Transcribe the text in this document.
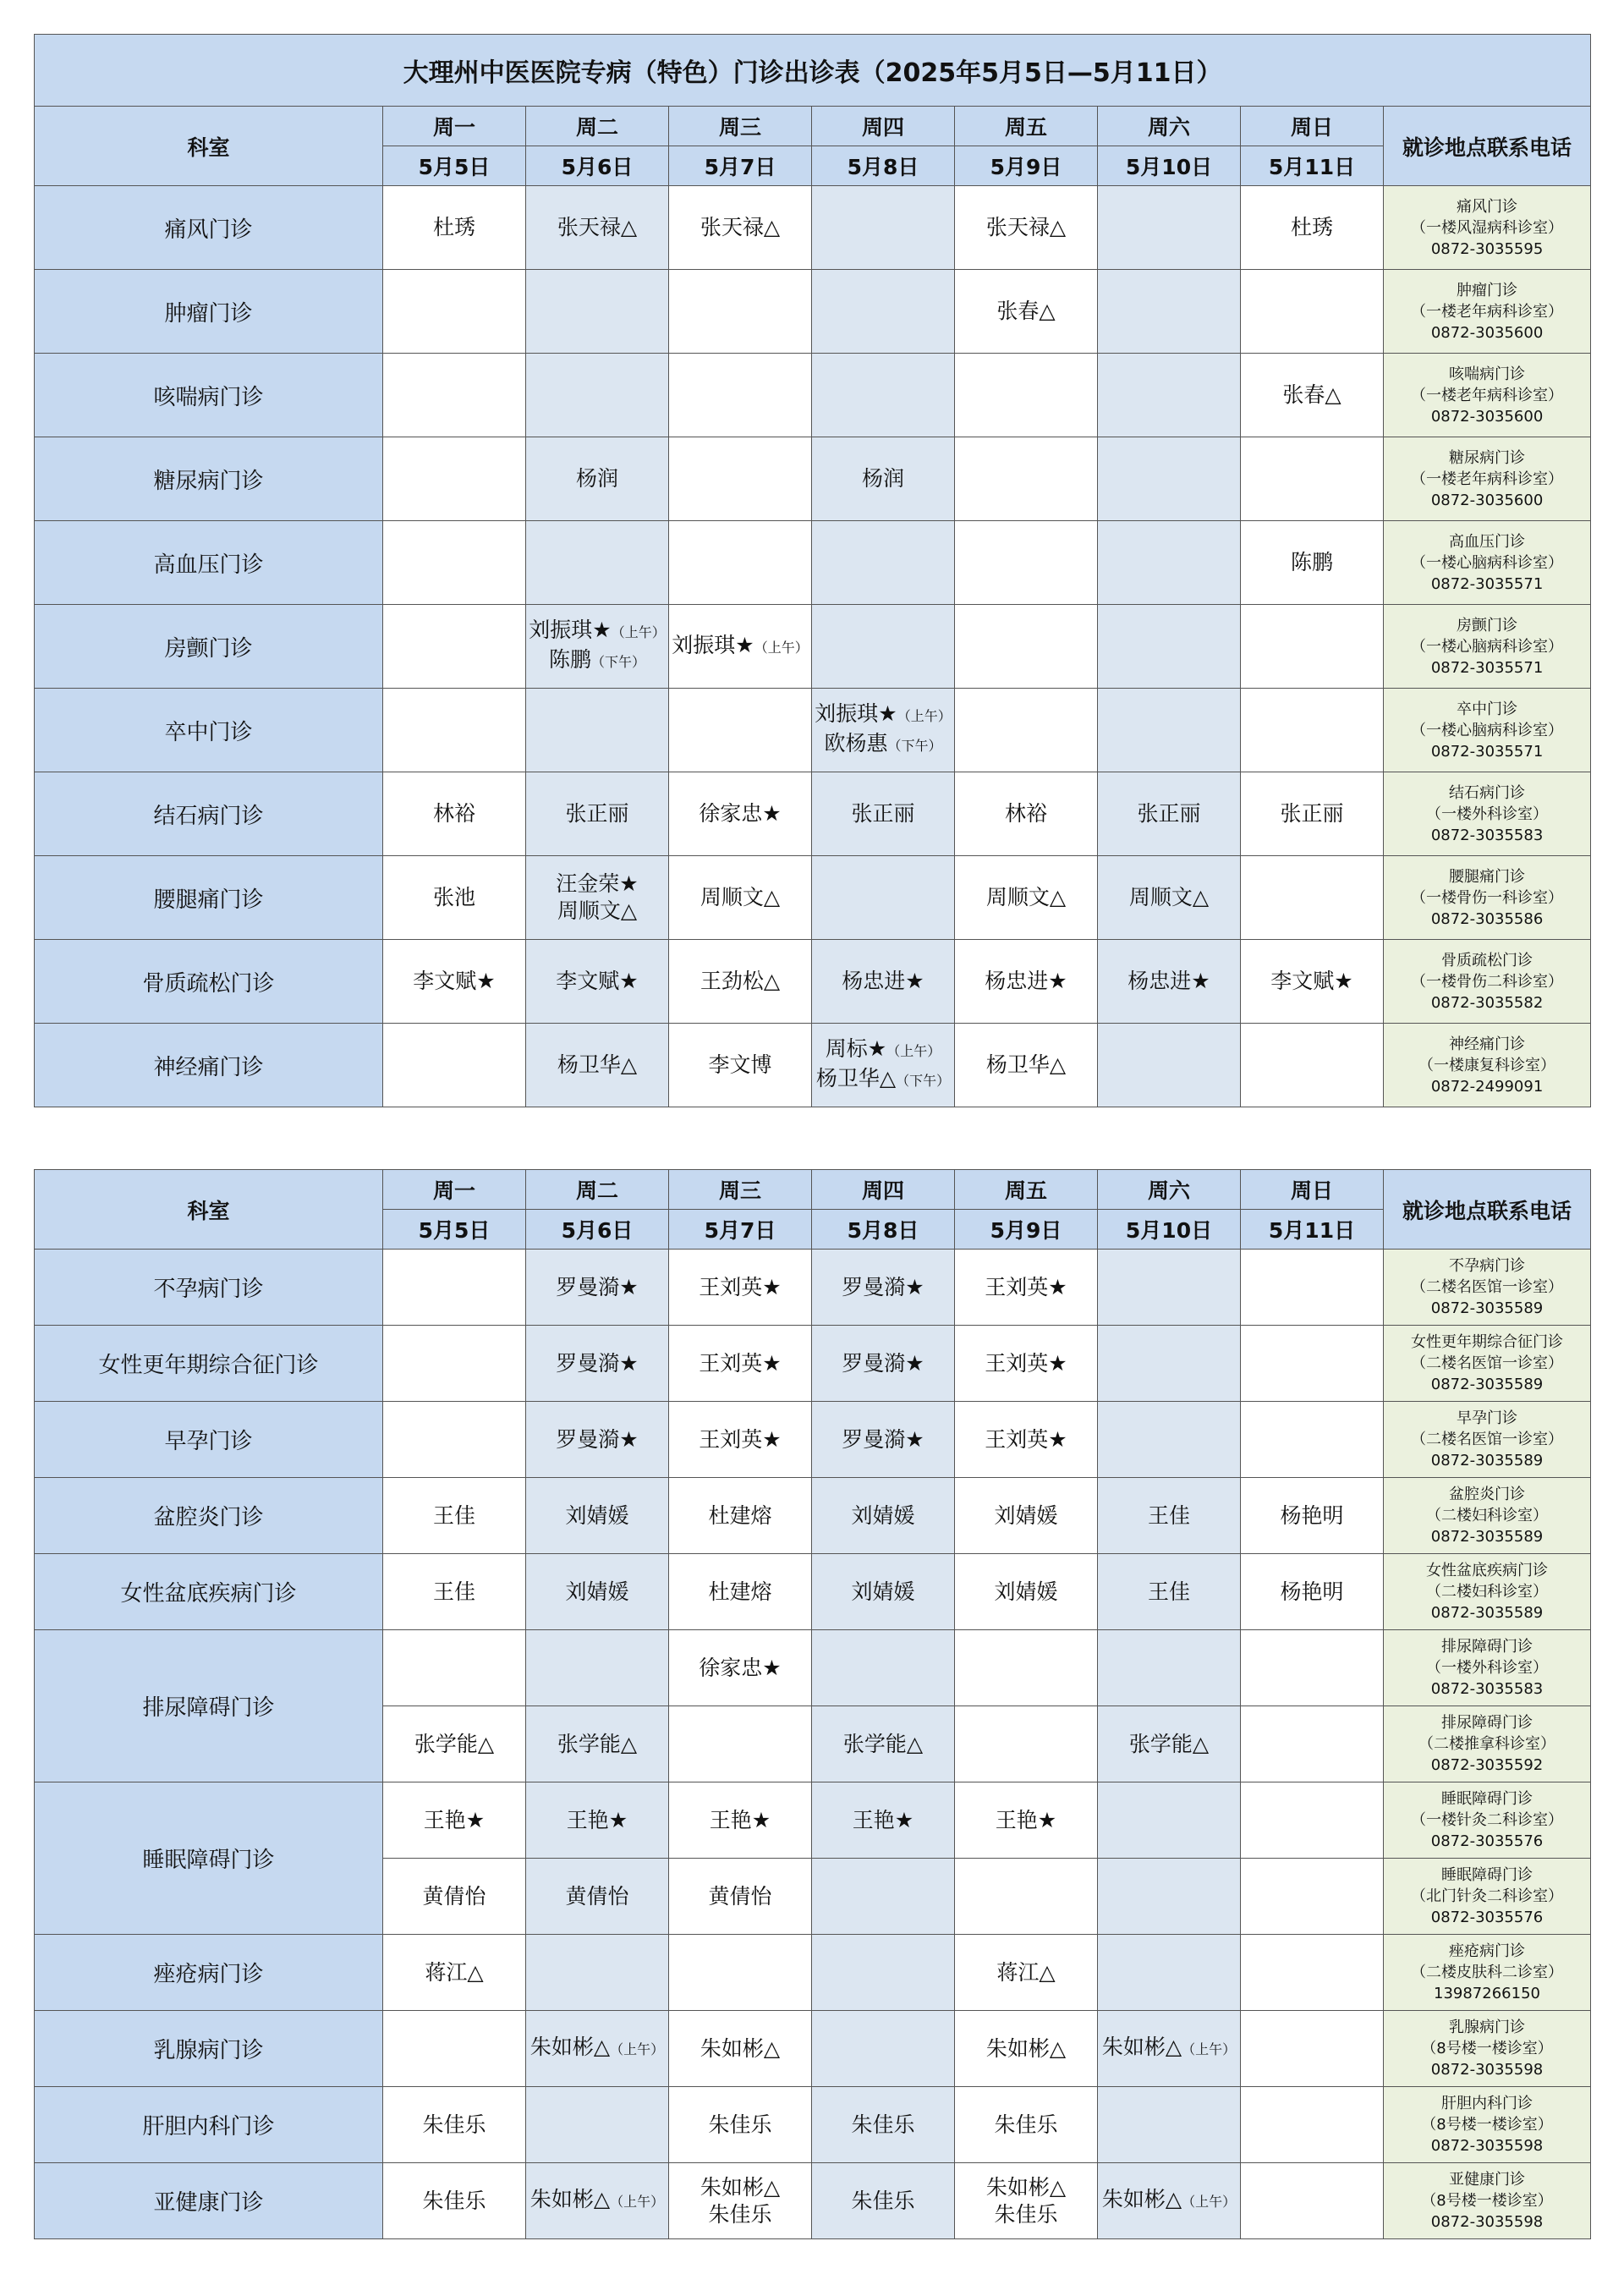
大理州中医医院专病（特色）门诊出诊表（2025年5月5日—5月11日）								
科室	周一	周二	周三	周四	周五	周六	周日	就诊地点联系电话
	5月5日	5月6日	5月7日	5月8日	5月9日	5月10日	5月11日	
痛风门诊	杜琇	张天禄△	张天禄△		张天禄△		杜琇	痛风门诊
（一楼风湿病科诊室）
0872-3035595

肿瘤门诊					张春△			肿瘤门诊
（一楼老年病科诊室）
0872-3035600

咳喘病门诊							张春△	咳喘病门诊
（一楼老年病科诊室）
0872-3035600

糖尿病门诊		杨润		杨润				糖尿病门诊
（一楼老年病科诊室）
0872-3035600

高血压门诊							陈鹏	高血压门诊
（一楼心脑病科诊室）
0872-3035571

房颤门诊		刘振琪★（上午）
陈鹏（下午）	刘振琪★（上午）					房颤门诊
（一楼心脑病科诊室）
0872-3035571

卒中门诊				刘振琪★（上午）
欧杨惠（下午）				卒中门诊
（一楼心脑病科诊室）
0872-3035571

结石病门诊	林裕	张正丽	徐家忠★	张正丽	林裕	张正丽	张正丽	结石病门诊
（一楼外科诊室）
0872-3035583

腰腿痛门诊	张池	汪金荣★
周顺文△	周顺文△		周顺文△	周顺文△		腰腿痛门诊
（一楼骨伤一科诊室）
0872-3035586

骨质疏松门诊	李文赋★	李文赋★	王劲松△	杨忠进★	杨忠进★	杨忠进★	李文赋★	骨质疏松门诊
（一楼骨伤二科诊室）
0872-3035582

神经痛门诊		杨卫华△	李文博	周标★（上午）
杨卫华△（下午）	杨卫华△			神经痛门诊
（一楼康复科诊室）
0872-2499091
科室	周一	周二	周三	周四	周五	周六	周日	就诊地点联系电话
	5月5日	5月6日	5月7日	5月8日	5月9日	5月10日	5月11日	
不孕病门诊		罗曼漪★	王刘英★	罗曼漪★	王刘英★			不孕病门诊
（二楼名医馆一诊室）
0872-3035589

女性更年期综合征门诊		罗曼漪★	王刘英★	罗曼漪★	王刘英★			女性更年期综合征门诊
（二楼名医馆一诊室）
0872-3035589

早孕门诊		罗曼漪★	王刘英★	罗曼漪★	王刘英★			早孕门诊
（二楼名医馆一诊室）
0872-3035589

盆腔炎门诊	王佳	刘婧媛	杜建熔	刘婧媛	刘婧媛	王佳	杨艳明	盆腔炎门诊
（二楼妇科诊室）
0872-3035589

女性盆底疾病门诊	王佳	刘婧媛	杜建熔	刘婧媛	刘婧媛	王佳	杨艳明	女性盆底疾病门诊
（二楼妇科诊室）
0872-3035589

排尿障碍门诊			徐家忠★					排尿障碍门诊
（一楼外科诊室）
0872-3035583

	张学能△	张学能△		张学能△		张学能△		排尿障碍门诊
（二楼推拿科诊室）
0872-3035592

睡眠障碍门诊	王艳★	王艳★	王艳★	王艳★	王艳★			睡眠障碍门诊
（一楼针灸二科诊室）
0872-3035576

	黄倩怡	黄倩怡	黄倩怡					睡眠障碍门诊
（北门针灸二科诊室）
0872-3035576

痤疮病门诊	蒋江△				蒋江△			痤疮病门诊
（二楼皮肤科二诊室）
13987266150

乳腺病门诊		朱如彬△（上午）	朱如彬△		朱如彬△	朱如彬△（上午）		乳腺病门诊
（8号楼一楼诊室）
0872-3035598

肝胆内科门诊	朱佳乐		朱佳乐	朱佳乐	朱佳乐			肝胆内科门诊
（8号楼一楼诊室）
0872-3035598

亚健康门诊	朱佳乐	朱如彬△（上午）	朱如彬△
朱佳乐	朱佳乐	朱如彬△
朱佳乐	朱如彬△（上午）		亚健康门诊
（8号楼一楼诊室）
0872-3035598
